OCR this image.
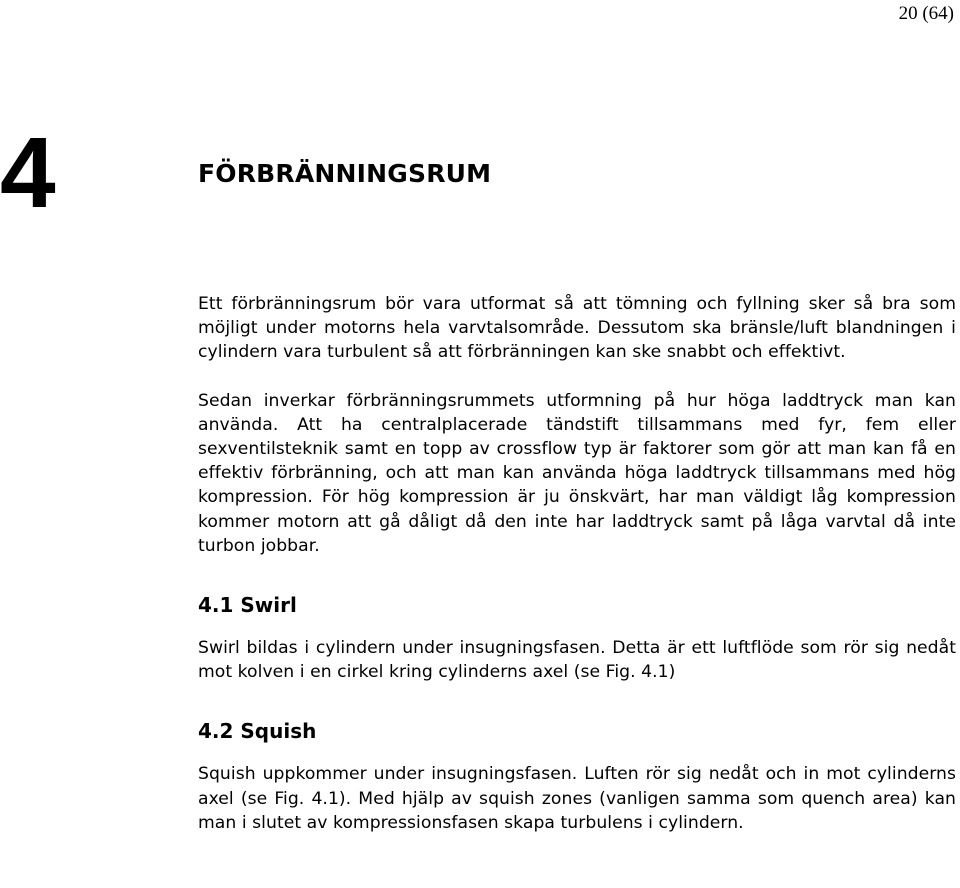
20 (64)
4	FÖRBRÄNNINGSRUM

Ett förbränningsrum bör vara utformat så att tömning och fyllning sker så bra som möjligt under motorns hela varvtalsområde. Dessutom ska bränsle/luft blandningen i cylindern vara turbulent så att förbränningen kan ske snabbt och effektivt.

Sedan inverkar förbränningsrummets utformning på hur höga laddtryck man kan använda. Att ha centralplacerade tändstift tillsammans med fyr, fem eller sexventilsteknik samt en topp av crossflow typ är faktorer som gör att man kan få en effektiv förbränning, och att man kan använda höga laddtryck tillsammans med hög kompression. För hög kompression är ju önskvärt, har man väldigt låg kompression kommer motorn att gå dåligt då den inte har laddtryck samt på låga varvtal då inte turbon jobbar.

4.1 Swirl

Swirl bildas i cylindern under insugningsfasen. Detta är ett luftflöde som rör sig nedåt mot kolven i en cirkel kring cylinderns axel (se Fig. 4.1)

4.2 Squish

Squish uppkommer under insugningsfasen. Luften rör sig nedåt och in mot cylinderns axel (se Fig. 4.1). Med hjälp av squish zones (vanligen samma som quench area) kan man i slutet av kompressionsfasen skapa turbulens i cylindern.
